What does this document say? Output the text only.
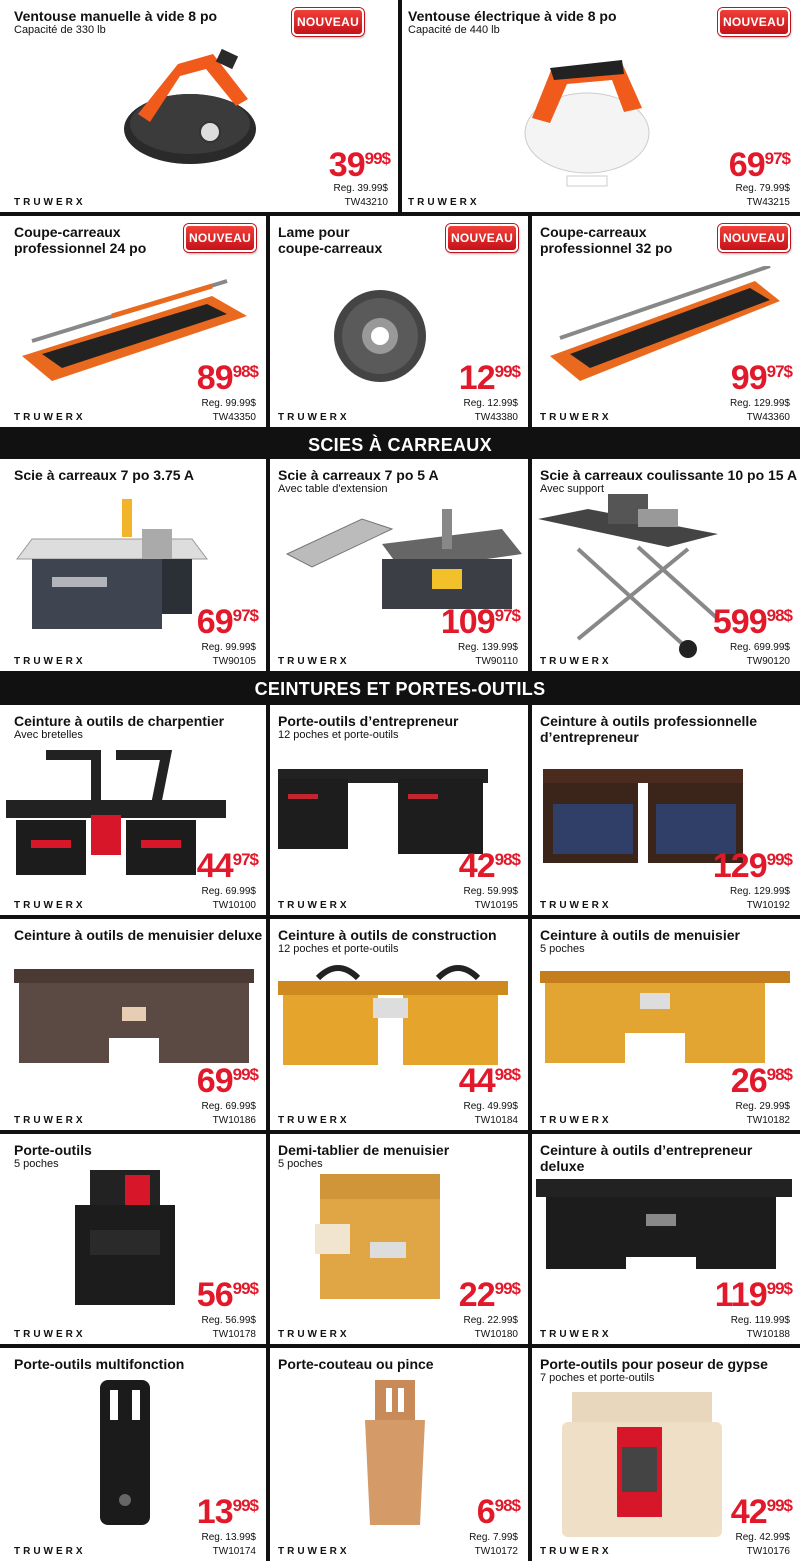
Ventouse manuelle à vide 8 po
Capacité de 330 lb
NOUVEAU
3999$
Reg. 39.99$
TW43210
TRUWERX
Ventouse électrique à vide 8 po
Capacité de 440 lb
NOUVEAU
6997$
Reg. 79.99$
TW43215
TRUWERX
Coupe-carreaux
professionnel 24 po
NOUVEAU
8998$
Reg. 99.99$
TW43350
TRUWERX
Lame pour
coupe-carreaux
NOUVEAU
1299$
Reg. 12.99$
TW43380
TRUWERX
Coupe-carreaux
professionnel 32 po
NOUVEAU
9997$
Reg. 129.99$
TW43360
TRUWERX
SCIES À CARREAUX
Scie à carreaux 7 po 3.75 A
6997$
Reg. 99.99$
TW90105
TRUWERX
Scie à carreaux 7 po 5 A
Avec table d'extension
10997$
Reg. 139.99$
TW90110
TRUWERX
Scie à carreaux coulissante 10 po 15 A
Avec support
59998$
Reg. 699.99$
TW90120
TRUWERX
CEINTURES ET PORTES-OUTILS
Ceinture à outils de charpentier
Avec bretelles
4497$
Reg. 69.99$
TW10100
TRUWERX
Porte-outils d’entrepreneur
12 poches et porte-outils
4298$
Reg. 59.99$
TW10195
TRUWERX
Ceinture à outils professionnelle
d’entrepreneur
12999$
Reg. 129.99$
TW10192
TRUWERX
Ceinture à outils de menuisier deluxe
6999$
Reg. 69.99$
TW10186
TRUWERX
Ceinture à outils de construction
12 poches et porte-outils
4498$
Reg. 49.99$
TW10184
TRUWERX
Ceinture à outils de menuisier
5 poches
2698$
Reg. 29.99$
TW10182
TRUWERX
Porte-outils
5 poches
5699$
Reg. 56.99$
TW10178
TRUWERX
Demi-tablier de menuisier
5 poches
2299$
Reg. 22.99$
TW10180
TRUWERX
Ceinture à outils d’entrepreneur
deluxe
11999$
Reg. 119.99$
TW10188
TRUWERX
Porte-outils multifonction
1399$
Reg. 13.99$
TW10174
TRUWERX
Porte-couteau ou pince
698$
Reg. 7.99$
TW10172
TRUWERX
Porte-outils pour poseur de gypse
7 poches et porte-outils
4299$
Reg. 42.99$
TW10176
TRUWERX
